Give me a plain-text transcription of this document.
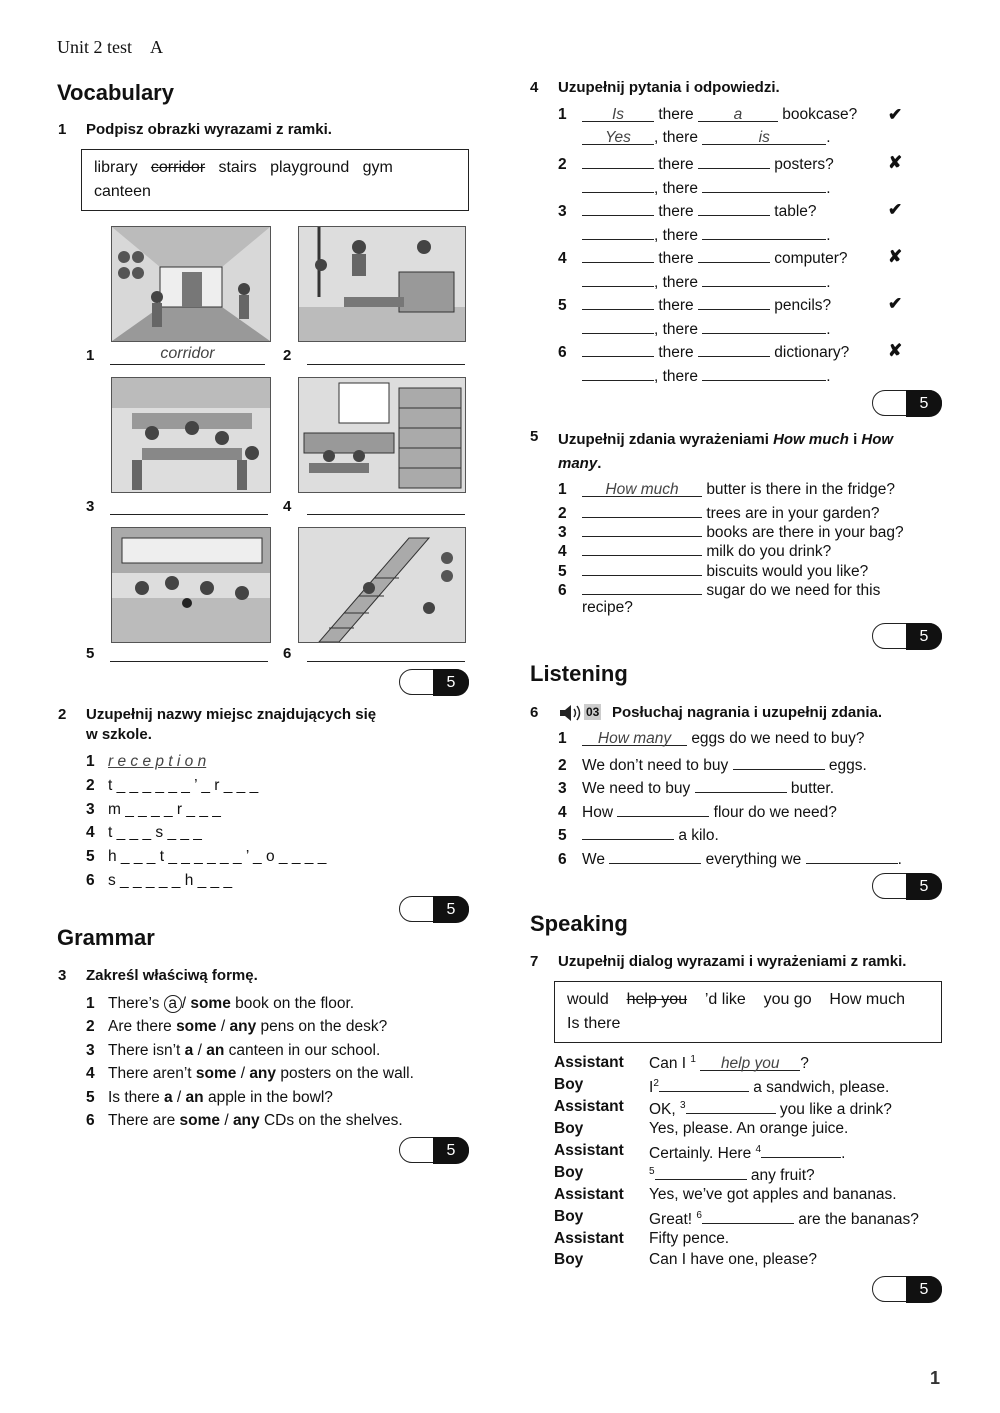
Unit 2 test A
Vocabulary
1 Podpisz obrazki wyrazami z ramki.
library corridor stairs playground gym
canteen
1	corridor	2
3	4
5	6
5
2 Uzupełnij nazwy miejsc znajdujących się
w szkole.
1 r e c e p t i o n
2 t _ _ _ _ _ _ ’ _ r _ _ _
3 m _ _ _ _ r _ _ _
4 t _ _ _ s _ _ _
5 h _ _ _ t _ _ _ _ _ _ ’ _ o _ _ _ _
6 s _ _ _ _ _ h _ _ _
5
Grammar
3 Zakreśl właściwą formę.
1 There’s a / some book on the floor.
2 Are there some / any pens on the desk?
3 There isn’t a / an canteen in our school.
4 There aren’t some / any posters on the wall.
5 Is there a / an apple in the bowl?
6 There are some / any CDs on the shelves.
5
4 Uzupełnij pytania i odpowiedzi.
1	Is there	a	bookcase? ✔
Yes , there	is	.
2	there	posters?	✘
, there	.
3	there	table?	✔
, there	.
4	there	computer? ✘
, there	.
5	there	pencils?	✔
, there	.
6	there	dictionary? ✘
, there	.
5
5 Uzupełnij zdania wyrażeniami How much i How
many.
1	How much butter is there in the fridge?
2	trees are in your garden?
3	books are there in your bag?
4	milk do you drink?
5	biscuits would you like?
6	sugar do we need for this
recipe?
5
Listening
6	03 Posłuchaj nagrania i uzupełnij zdania.
1 How many eggs do we need to buy?
2 We don’t need to buy	eggs.
3 We need to buy	butter.
4 How	flour do we need?
5	a kilo.
6 We	everything we	.
5
Speaking
7 Uzupełnij dialog wyrazami i wyrażeniami z ramki.
would help you ’d like you go How much    Is there
Assistant Can I $^1$ help you ?
Boy	$I^2$	a sandwich, please.
Assistant OK, $^3$	you like a drink?
Boy	Yes, please. An orange juice.
Assistant Certainly. Here $^4$	.
Boy	$^5$	any fruit?
Assistant Yes, we’ve got apples and bananas.
Boy	Great! $^6$	are the bananas?
Assistant Fifty pence.
Boy	Can I have one, please?
5
1
